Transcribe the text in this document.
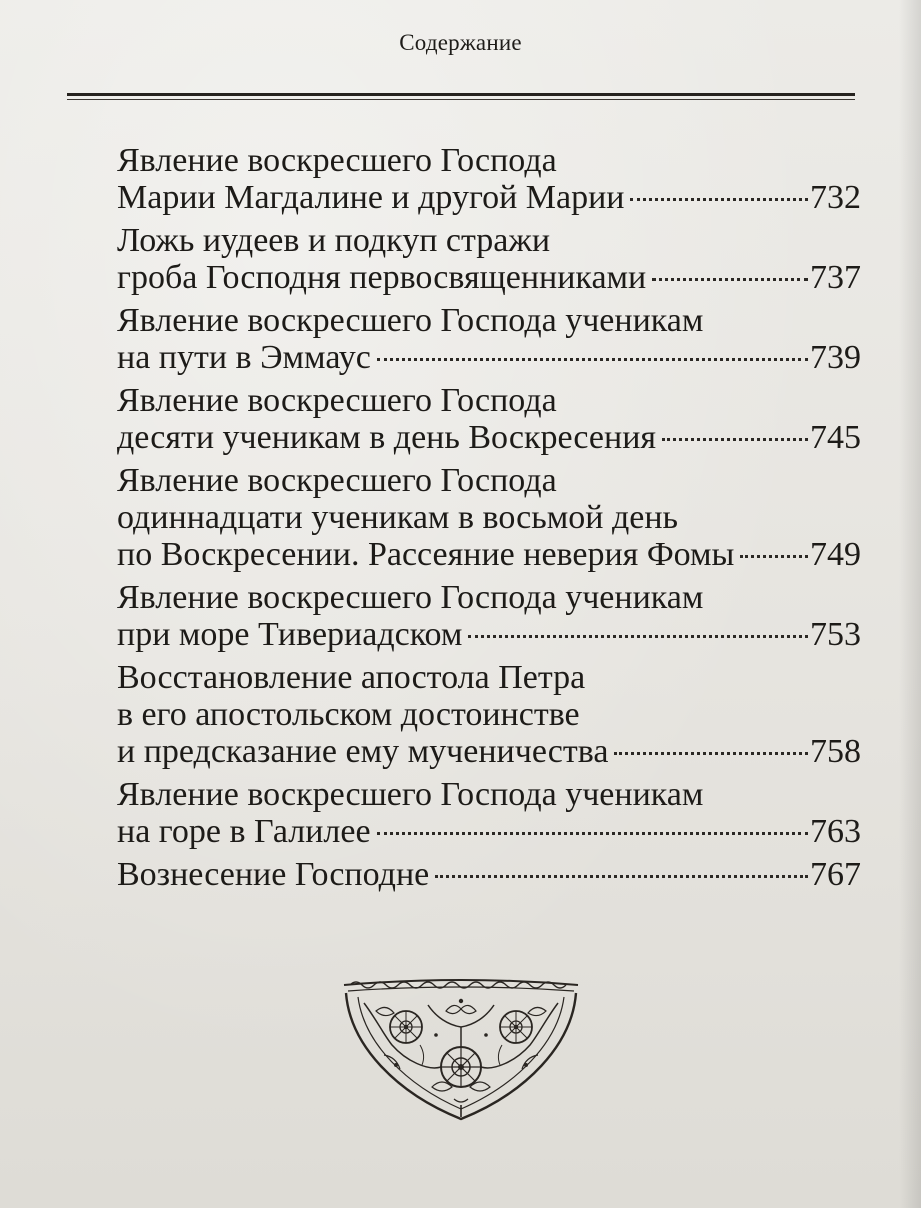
Содержание
Явление воскресшего Господа
Марии Магдалине и другой Марии	732
Ложь иудеев и подкуп стражи
гроба Господня первосвященниками	737
Явление воскресшего Господа ученикам
на пути в Эммаус	739
Явление воскресшего Господа
десяти ученикам в день Воскресения	745
Явление воскресшего Господа
одиннадцати ученикам в восьмой день
по Воскресении. Рассеяние неверия Фомы 749
Явление воскресшего Господа ученикам
при море Тивериадском	753
Восстановление апостола Петра
в его апостольском достоинстве
и предсказание ему мученичества	758
Явление воскресшего Господа ученикам
на горе в Галилее	763
Вознесение Господне	767
